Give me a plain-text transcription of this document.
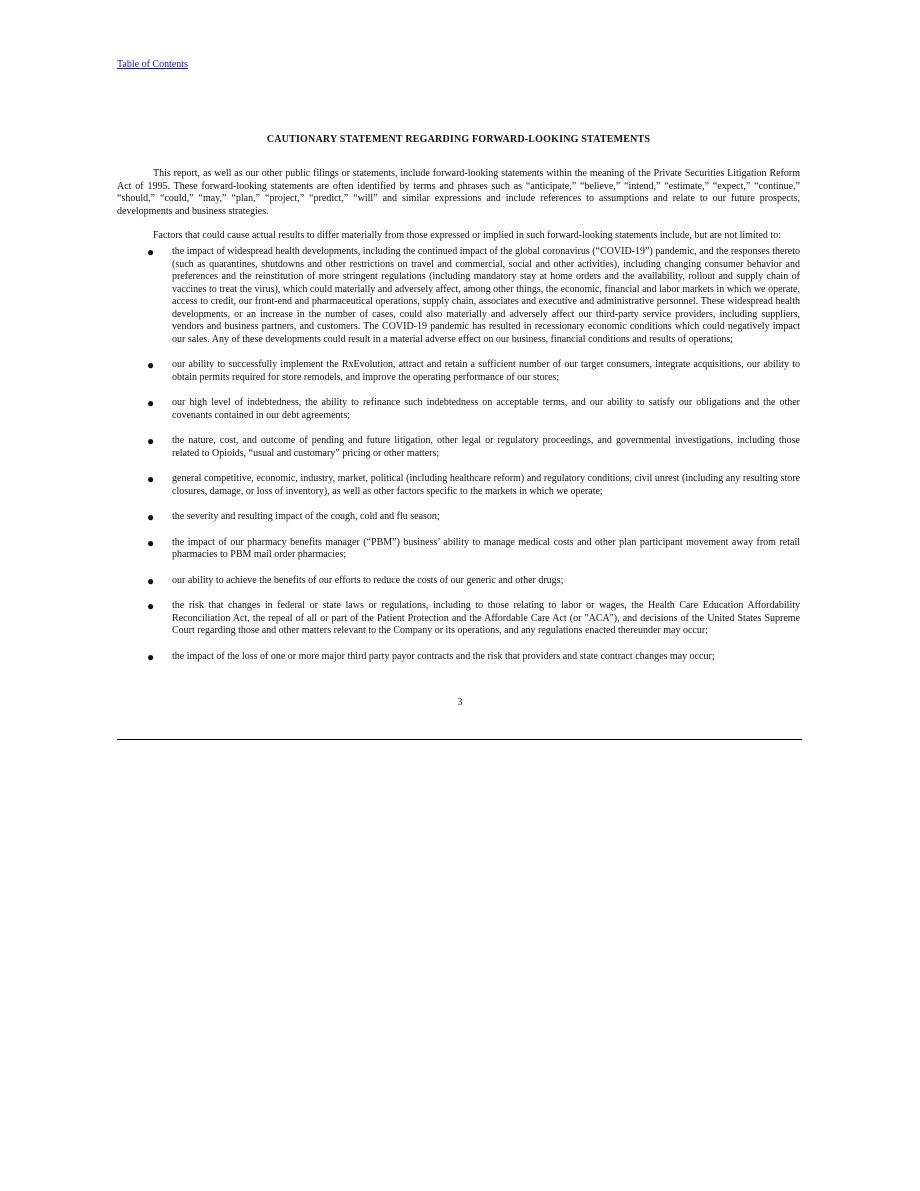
Table of Contents
CAUTIONARY STATEMENT REGARDING FORWARD-LOOKING STATEMENTS

This report, as well as our other public filings or statements, include forward-looking statements within the meaning of the Private Securities Litigation Reform Act of 1995. These forward-looking statements are often identified by terms and phrases such as “anticipate,” “believe,” “intend,” “estimate,” “expect,” “continue,” “should,” “could,” “may,” “plan,” “project,” “predict,” “will” and similar expressions and include references to assumptions and relate to our future prospects, developments and business strategies.

Factors that could cause actual results to differ materially from those expressed or implied in such forward-looking statements include, but are not limited to:

● the impact of widespread health developments, including the continued impact of the global coronavirus (“COVID-19”) pandemic, and the responses thereto (such as quarantines, shutdowns and other restrictions on travel and commercial, social and other activities), including changing consumer behavior and preferences and the reinstitution of more stringent regulations (including mandatory stay at home orders and the availability, rollout and supply chain of vaccines to treat the virus), which could materially and adversely affect, among other things, the economic, financial and labor markets in which we operate, access to credit, our front-end and pharmaceutical operations, supply chain, associates and executive and administrative personnel. These widespread health developments, or an increase in the number of cases, could also materially and adversely affect our third-party service providers, including suppliers, vendors and business partners, and customers. The COVID-19 pandemic has resulted in recessionary economic conditions which could negatively impact our sales. Any of these developments could result in a material adverse effect on our business, financial conditions and results of operations;
● our ability to successfully implement the RxEvolution, attract and retain a sufficient number of our target consumers, integrate acquisitions, our ability to obtain permits required for store remodels, and improve the operating performance of our stores;
● our high level of indebtedness, the ability to refinance such indebtedness on acceptable terms, and our ability to satisfy our obligations and the other covenants contained in our debt agreements;
● the nature, cost, and outcome of pending and future litigation, other legal or regulatory proceedings, and governmental investigations, including those related to Opioids, “usual and customary” pricing or other matters;
● general competitive, economic, industry, market, political (including healthcare reform) and regulatory conditions, civil unrest (including any resulting store closures, damage, or loss of inventory), as well as other factors specific to the markets in which we operate;
● the severity and resulting impact of the cough, cold and flu season;
● the impact of our pharmacy benefits manager (“PBM”) business’ ability to manage medical costs and other plan participant movement away from retail pharmacies to PBM mail order pharmacies;
● our ability to achieve the benefits of our efforts to reduce the costs of our generic and other drugs;
● the risk that changes in federal or state laws or regulations, including to those relating to labor or wages, the Health Care Education Affordability Reconciliation Act, the repeal of all or part of the Patient Protection and the Affordable Care Act (or "ACA"), and decisions of the United States Supreme Court regarding those and other matters relevant to the Company or its operations, and any regulations enacted thereunder may occur;
● the impact of the loss of one or more major third party payor contracts and the risk that providers and state contract changes may occur;
3
